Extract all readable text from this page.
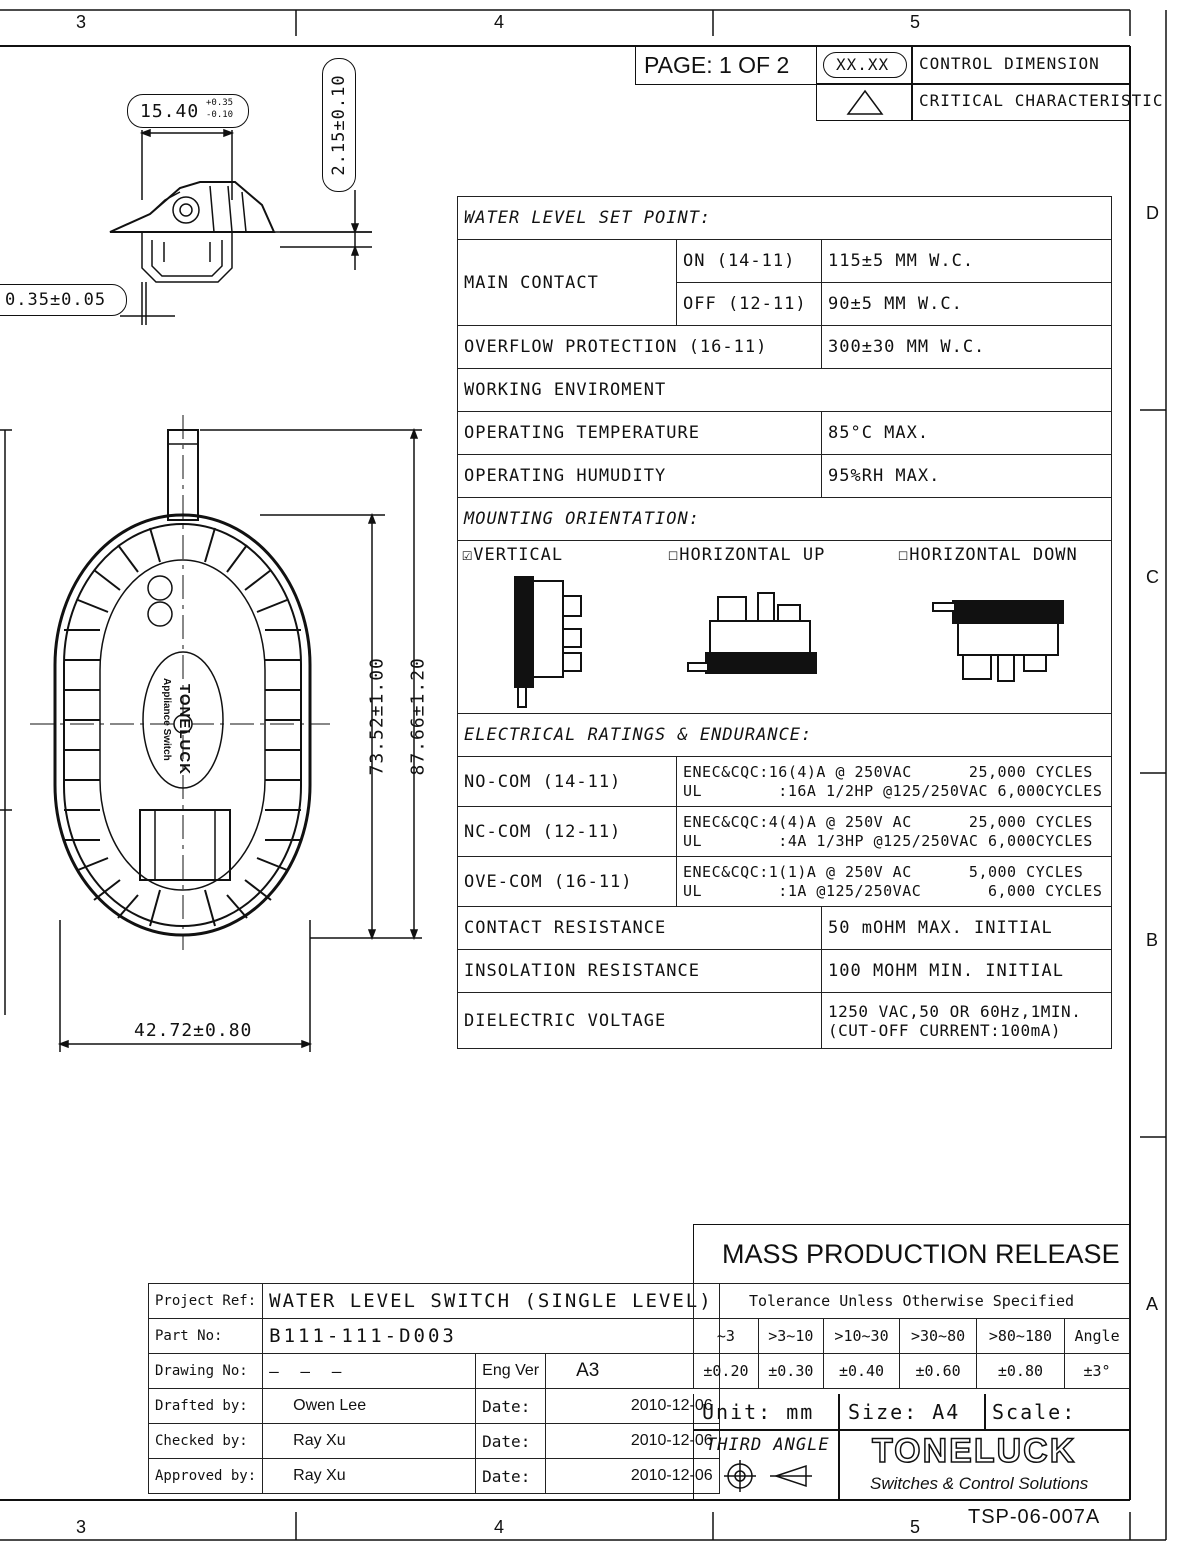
3	4	5
3	4	5
D
C
B
A
PAGE: 1 OF 2	XX.XX CONTROL DIMENSION
CRITICAL CHARACTERISTIC
15.40 +0.35
-0.10	2.15±0.10
0.35±0.05
TONELUCK
Appliance Switch	73.52±1.00 87.66±1.20
42.72±0.80
WATER LEVEL SET POINT:		
MAIN CONTACT	ON (14-11)	115±5 MM W.C.
	OFF (12-11)	90±5 MM W.C.
OVERFLOW PROTECTION (16-11)		300±30 MM W.C.
WORKING ENVIROMENT		
OPERATING TEMPERATURE		85°C MAX.
OPERATING HUMUDITY		95%RH MAX.
MOUNTING ORIENTATION:		

☑VERTICAL ☐HORIZONTAL UP ☐HORIZONTAL DOWN		

ELECTRICAL RATINGS & ENDURANCE:		
NO-COM (14-11)	ENEC&CQC:16(4)A @ 250VAC      25,000 CYCLES
UL        :16A 1/2HP @125/250VAC 6,000CYCLES	

NC-COM (12-11)	ENEC&CQC:4(4)A @ 250V AC      25,000 CYCLES
UL        :4A 1/3HP @125/250VAC 6,000CYCLES	

OVE-COM (16-11)	ENEC&CQC:1(1)A @ 250V AC      5,000 CYCLES
UL        :1A @125/250VAC       6,000 CYCLES	

CONTACT RESISTANCE		50 mOHM MAX. INITIAL
INSOLATION RESISTANCE		100 MOHM MIN. INITIAL
DIELECTRIC VOLTAGE		1250 VAC,50 OR 60Hz,1MIN.
(CUT-OFF CURRENT:100mA)
MASS PRODUCTION RELEASE
Project Ref:	WATER LEVEL SWITCH (SINGLE LEVEL)		
Part No:	B111-111-D003		
Drawing No:	— — —	Eng Ver	A3
Drafted by:	Owen Lee	Date:	2010-12-06
Checked by:	Ray Xu	Date:	2010-12-06
Approved by:	Ray Xu	Date:	2010-12-06
Tolerance Unless Otherwise Specified					
~3	>3~10	>10~30	>30~80	>80~180	Angle
±0.20	±0.30	±0.40	±0.60	±0.80	±3°
Unit: mm Size: A4 Scale:
THIRD ANGLE TONELUCK
Switches & Control Solutions
TSP-06-007A
